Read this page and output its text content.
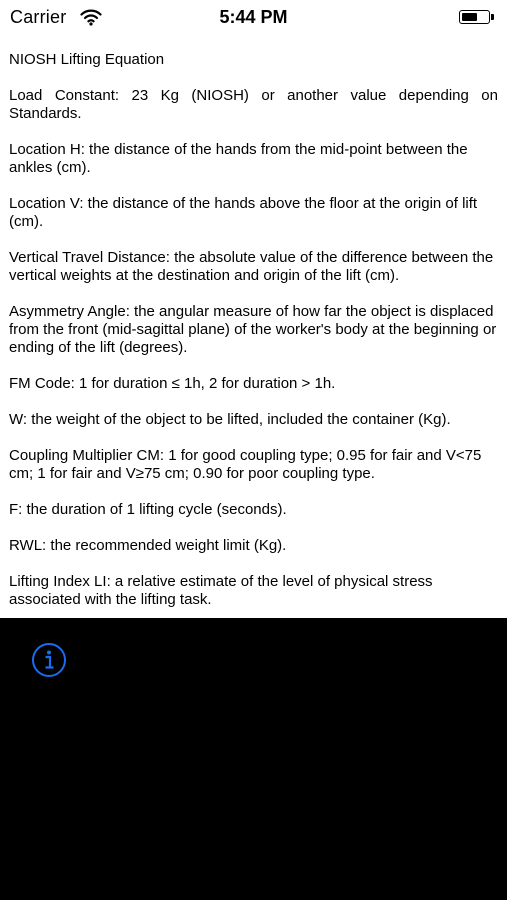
Carrier	5:44 PM
NIOSH Lifting Equation
Load Constant: 23 Kg (NIOSH) or another value depending on Standards.
Location H: the distance of the hands from the mid-point between the ankles (cm).
Location V: the distance of the hands above the floor at the origin of lift (cm).
Vertical Travel Distance: the absolute value of the difference between the vertical weights at the destination and origin of the lift (cm).
Asymmetry Angle: the angular measure of how far the object is displaced from the front (mid-sagittal plane) of the worker's body at the beginning or ending of the lift (degrees).
FM Code: 1 for duration ≤ 1h, 2 for duration > 1h.
W: the weight of the object to be lifted, included the container (Kg).
Coupling Multiplier CM: 1 for good coupling type; 0.95 for fair and V<75 cm; 1 for fair and V≥75 cm; 0.90 for poor coupling type.
F: the duration of 1 lifting cycle (seconds).
RWL: the recommended weight limit (Kg).
Lifting Index LI: a relative estimate of the level of physical stress associated with the lifting task.
